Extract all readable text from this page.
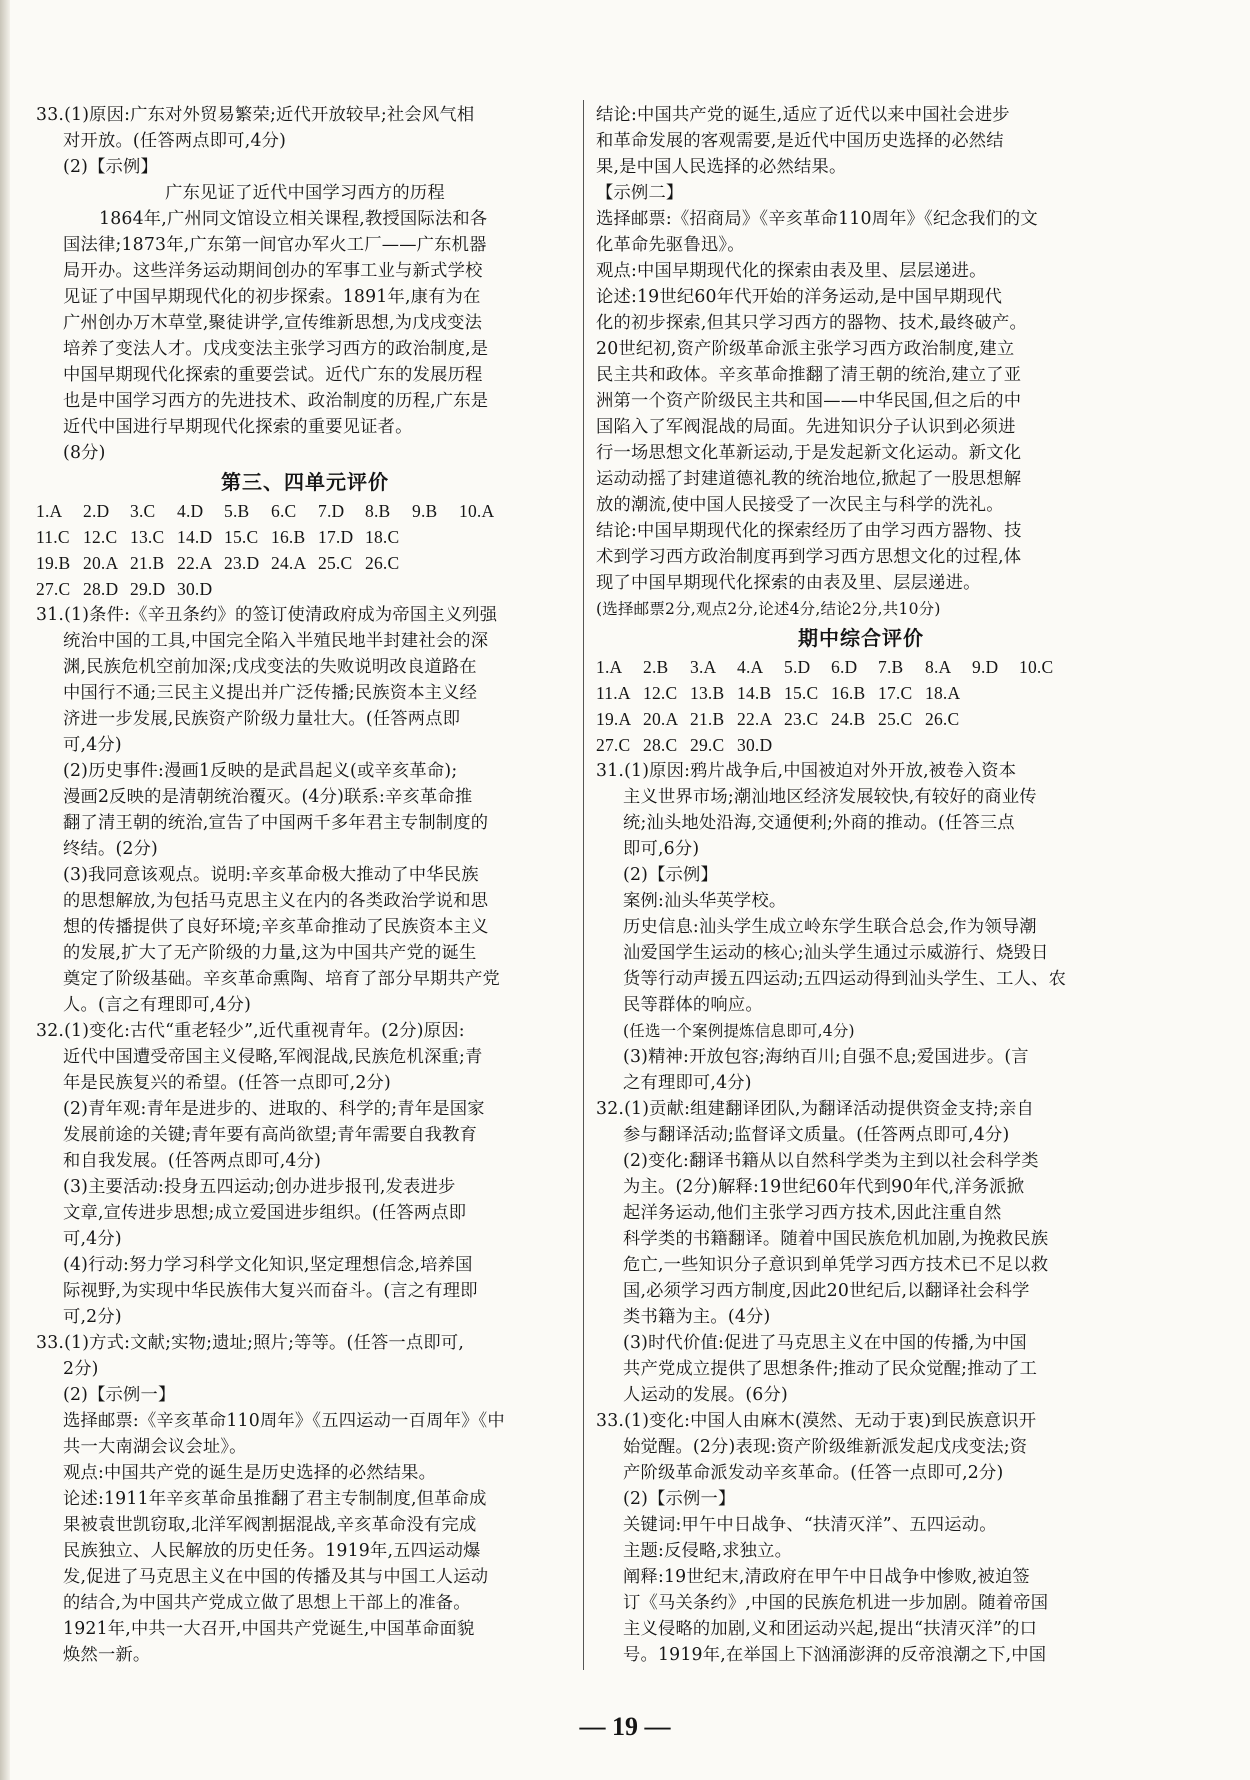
33.(1)原因:广东对外贸易繁荣;近代开放较早;社会风气相
对开放。(任答两点即可,4分)
(2)【示例】
广东见证了近代中国学习西方的历程
1864年,广州同文馆设立相关课程,教授国际法和各
国法律;1873年,广东第一间官办军火工厂——广东机器
局开办。这些洋务运动期间创办的军事工业与新式学校
见证了中国早期现代化的初步探索。1891年,康有为在
广州创办万木草堂,聚徒讲学,宣传维新思想,为戊戌变法
培养了变法人才。戊戌变法主张学习西方的政治制度,是
中国早期现代化探索的重要尝试。近代广东的发展历程
也是中国学习西方的先进技术、政治制度的历程,广东是
近代中国进行早期现代化探索的重要见证者。
(8分)
第三、四单元评价
1.A 2.D 3.C 4.D 5.B 6.C 7.D 8.B 9.B 10.A
11.C 12.C 13.C 14.D 15.C 16.B 17.D 18.C
19.B 20.A 21.B 22.A 23.D 24.A 25.C 26.C
27.C 28.D 29.D 30.D
31.(1)条件:《辛丑条约》的签订使清政府成为帝国主义列强
统治中国的工具,中国完全陷入半殖民地半封建社会的深
渊,民族危机空前加深;戊戌变法的失败说明改良道路在
中国行不通;三民主义提出并广泛传播;民族资本主义经
济进一步发展,民族资产阶级力量壮大。(任答两点即
可,4分)
(2)历史事件:漫画1反映的是武昌起义(或辛亥革命);
漫画2反映的是清朝统治覆灭。(4分)联系:辛亥革命推
翻了清王朝的统治,宣告了中国两千多年君主专制制度的
终结。(2分)
(3)我同意该观点。说明:辛亥革命极大推动了中华民族
的思想解放,为包括马克思主义在内的各类政治学说和思
想的传播提供了良好环境;辛亥革命推动了民族资本主义
的发展,扩大了无产阶级的力量,这为中国共产党的诞生
奠定了阶级基础。辛亥革命熏陶、培育了部分早期共产党
人。(言之有理即可,4分)
32.(1)变化:古代“重老轻少”,近代重视青年。(2分)原因:
近代中国遭受帝国主义侵略,军阀混战,民族危机深重;青
年是民族复兴的希望。(任答一点即可,2分)
(2)青年观:青年是进步的、进取的、科学的;青年是国家
发展前途的关键;青年要有高尚欲望;青年需要自我教育
和自我发展。(任答两点即可,4分)
(3)主要活动:投身五四运动;创办进步报刊,发表进步
文章,宣传进步思想;成立爱国进步组织。(任答两点即
可,4分)
(4)行动:努力学习科学文化知识,坚定理想信念,培养国
际视野,为实现中华民族伟大复兴而奋斗。(言之有理即
可,2分)
33.(1)方式:文献;实物;遗址;照片;等等。(任答一点即可,
2分)
(2)【示例一】
选择邮票:《辛亥革命110周年》《五四运动一百周年》《中
共一大南湖会议会址》。
观点:中国共产党的诞生是历史选择的必然结果。
论述:1911年辛亥革命虽推翻了君主专制制度,但革命成
果被袁世凯窃取,北洋军阀割据混战,辛亥革命没有完成
民族独立、人民解放的历史任务。1919年,五四运动爆
发,促进了马克思主义在中国的传播及其与中国工人运动
的结合,为中国共产党成立做了思想上干部上的准备。
1921年,中共一大召开,中国共产党诞生,中国革命面貌
焕然一新。
结论:中国共产党的诞生,适应了近代以来中国社会进步
和革命发展的客观需要,是近代中国历史选择的必然结
果,是中国人民选择的必然结果。
【示例二】
选择邮票:《招商局》《辛亥革命110周年》《纪念我们的文
化革命先驱鲁迅》。
观点:中国早期现代化的探索由表及里、层层递进。
论述:19世纪60年代开始的洋务运动,是中国早期现代
化的初步探索,但其只学习西方的器物、技术,最终破产。
20世纪初,资产阶级革命派主张学习西方政治制度,建立
民主共和政体。辛亥革命推翻了清王朝的统治,建立了亚
洲第一个资产阶级民主共和国——中华民国,但之后的中
国陷入了军阀混战的局面。先进知识分子认识到必须进
行一场思想文化革新运动,于是发起新文化运动。新文化
运动动摇了封建道德礼教的统治地位,掀起了一股思想解
放的潮流,使中国人民接受了一次民主与科学的洗礼。
结论:中国早期现代化的探索经历了由学习西方器物、技
术到学习西方政治制度再到学习西方思想文化的过程,体
现了中国早期现代化探索的由表及里、层层递进。
(选择邮票2分,观点2分,论述4分,结论2分,共10分)
期中综合评价
1.A 2.B 3.A 4.A 5.D 6.D 7.B 8.A 9.D 10.C
11.A 12.C 13.B 14.B 15.C 16.B 17.C 18.A
19.A 20.A 21.B 22.A 23.C 24.B 25.C 26.C
27.C 28.C 29.C 30.D
31.(1)原因:鸦片战争后,中国被迫对外开放,被卷入资本
主义世界市场;潮汕地区经济发展较快,有较好的商业传
统;汕头地处沿海,交通便利;外商的推动。(任答三点
即可,6分)
(2)【示例】
案例:汕头华英学校。
历史信息:汕头学生成立岭东学生联合总会,作为领导潮
汕爱国学生运动的核心;汕头学生通过示威游行、烧毁日
货等行动声援五四运动;五四运动得到汕头学生、工人、农
民等群体的响应。
(任选一个案例提炼信息即可,4分)
(3)精神:开放包容;海纳百川;自强不息;爱国进步。(言
之有理即可,4分)
32.(1)贡献:组建翻译团队,为翻译活动提供资金支持;亲自
参与翻译活动;监督译文质量。(任答两点即可,4分)
(2)变化:翻译书籍从以自然科学类为主到以社会科学类
为主。(2分)解释:19世纪60年代到90年代,洋务派掀
起洋务运动,他们主张学习西方技术,因此注重自然
科学类的书籍翻译。随着中国民族危机加剧,为挽救民族
危亡,一些知识分子意识到单凭学习西方技术已不足以救
国,必须学习西方制度,因此20世纪后,以翻译社会科学
类书籍为主。(4分)
(3)时代价值:促进了马克思主义在中国的传播,为中国
共产党成立提供了思想条件;推动了民众觉醒;推动了工
人运动的发展。(6分)
33.(1)变化:中国人由麻木(漠然、无动于衷)到民族意识开
始觉醒。(2分)表现:资产阶级维新派发起戊戌变法;资
产阶级革命派发动辛亥革命。(任答一点即可,2分)
(2)【示例一】
关键词:甲午中日战争、“扶清灭洋”、五四运动。
主题:反侵略,求独立。
阐释:19世纪末,清政府在甲午中日战争中惨败,被迫签
订《马关条约》,中国的民族危机进一步加剧。随着帝国
主义侵略的加剧,义和团运动兴起,提出“扶清灭洋”的口
号。1919年,在举国上下汹涌澎湃的反帝浪潮之下,中国
— 19 —
